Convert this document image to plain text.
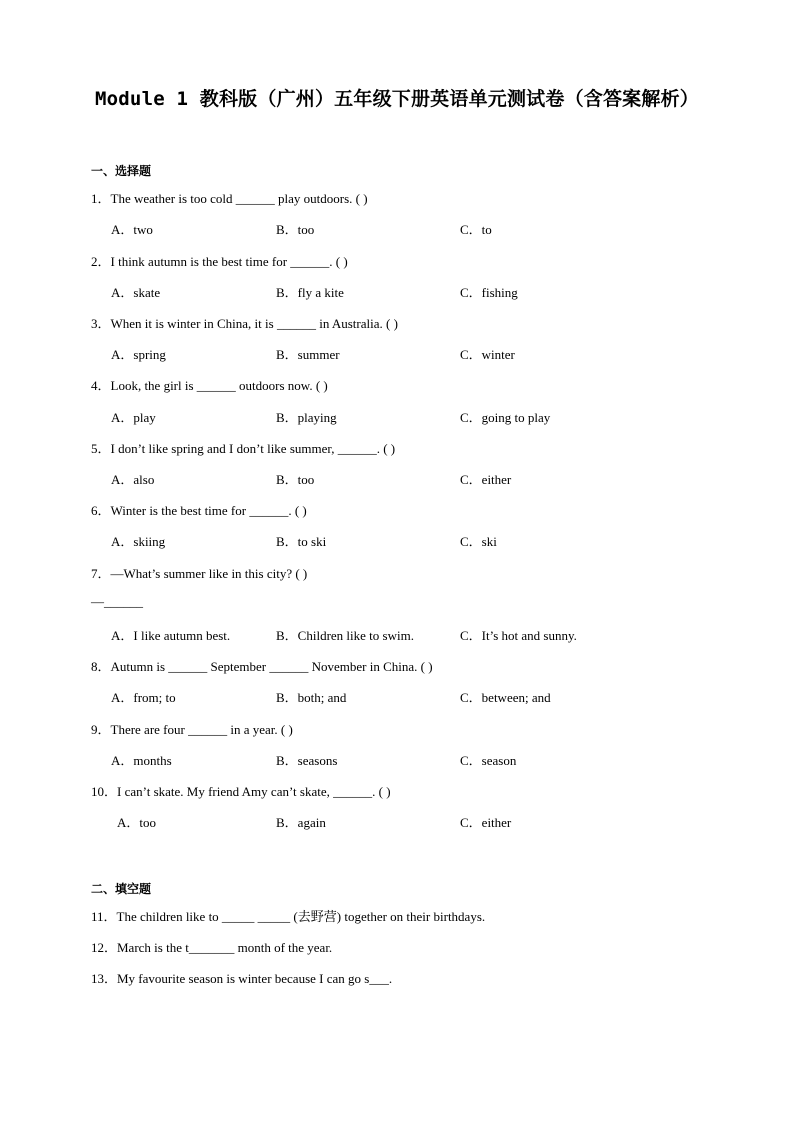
Module 1 教科版（广州）五年级下册英语单元测试卷（含答案解析）
一、选择题
1．The weather is too cold ______ play outdoors. ( )
A．two	B．too	C．to
2．I think autumn is the best time for ______. ( )
A．skate	B．fly a kite	C．fishing
3．When it is winter in China, it is ______ in Australia. ( )
A．spring	B．summer	C．winter
4．Look, the girl is ______ outdoors now. ( )
A．play	B．playing	C．going to play
5．I don’t like spring and I don’t like summer, ______. ( )
A．also	B．too	C．either
6．Winter is the best time for ______. ( )
A．skiing	B．to ski	C．ski
7．—What’s summer like in this city? ( )
—______
A．I like autumn best.	B．Children like to swim.	C．It’s hot and sunny.
8．Autumn is ______ September ______ November in China. ( )
A．from; to	B．both; and	C．between; and
9．There are four ______ in a year. ( )
A．months	B．seasons	C．season
10．I can’t skate. My friend Amy can’t skate, ______. ( )
A．too	B．again	C．either
二、填空题
11．The children like to _____ _____ (去野营) together on their birthdays.
12．March is the t_______ month of the year.
13．My favourite season is winter because I can go s___.
